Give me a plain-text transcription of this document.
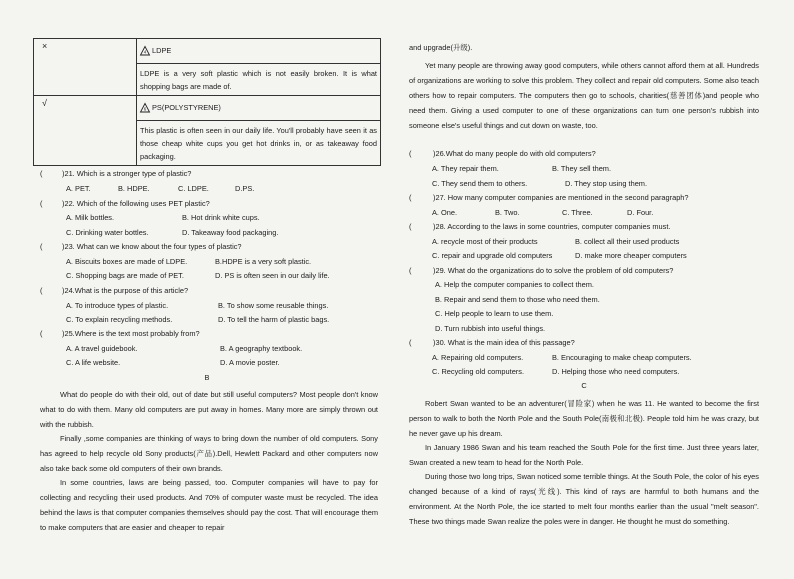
×	4 LDPE
LDPE is a very soft plastic which is not easily broken. It is what shopping bags are made of.

√	6 PS(POLYSTYRENE)
This plastic is often seen in our daily life. You'll probably have seen it as those cheap white cups you get hot drinks in, or as takeaway food packaging.
(	)21. Which is a stronger type of plastic?
A. PET.	B. HDPE.	C. LDPE.	D.PS.
(	)22. Which of the following uses PET plastic?
A. Milk bottles.	B. Hot drink white cups.
C. Drinking water bottles.	D. Takeaway food packaging.
(	)23. What can we know about the four types of plastic?
A. Biscuits boxes are made of LDPE.	B.HDPE is a very soft plastic.
C. Shopping bags are made of PET.	D. PS is often seen in our daily life.
(	)24.What is the purpose of this article?
A. To introduce types of plastic.	B. To show some reusable things.
C. To explain recycling methods.	D. To tell the harm of plastic bags.
(	)25.Where is the text most probably from?
A. A travel guidebook.	B. A geography textbook.
C. A life website.	D. A movie poster.
B
What do people do with their old, out of date but still useful computers? Most people don't know what to do with them. Many old computers are put away in homes. Many more are simply thrown out with the rubbish.
Finally ,some companies are thinking of ways to bring down the number of old computers. Sony has agreed to help recycle old Sony products(产品).Dell, Hewlett Packard and other computers now also take back some old computers of their own brands.
In some countries, laws are being passed, too. Computer companies will have to pay for collecting and recycling their used products. And 70% of computer waste must be recycled. The idea behind the laws is that computer companies themselves should pay the cost. That will encourage them to make computers that are easier and cheaper to repair
and upgrade(升级).
Yet many people are throwing away good computers, while others cannot afford them at all. Hundreds of organizations are working to solve this problem. They collect and repair old computers. Some also teach others how to repair computers. The computers then go to schools, charities(慈善团体)and people who need them. Giving a used computer to one of these organizations can turn one person's rubbish into someone else's useful things and cut down on waste, too.
(	)26.What do many people do with old computers?
A. They repair them.	B. They sell them.
C. They send them to others.	D. They stop using them.
(	)27. How many computer companies are mentioned in the second paragraph?
A. One.	B. Two.	C. Three.	D. Four.
(	)28. According to the laws in some countries, computer companies must.
A. recycle most of their products	B. collect all their used products
C. repair and upgrade old computers	D. make more cheaper computers
(	)29. What do the organizations do to solve the problem of old computers?
A. Help the computer companies to collect them.
B. Repair and send them to those who need them.
C. Help people to learn to use them.
D. Turn rubbish into useful things.
(	)30. What is the main idea of this passage?
A. Repairing old computers.	B. Encouraging to make cheap computers.
C. Recycling old computers.	D. Helping those who need computers.
C
Robert Swan wanted to be an adventurer(冒险家) when he was 11. He wanted to become the first person to walk to both the North Pole and the South Pole(南极和北极). People told him he was crazy, but he never gave up his dream.
In January 1986 Swan and his team reached the South Pole for the first time. Just three years later, Swan created a new team to head for the North Pole.
During those two long trips, Swan noticed some terrible things. At the South Pole, the color of his eyes changed because of a kind of rays(光线). This kind of rays are harmful to both humans and the environment. At the North Pole, the ice started to melt four months earlier than the usual "melt season". These two things made Swan realize the poles were in danger. He thought he must do something.
